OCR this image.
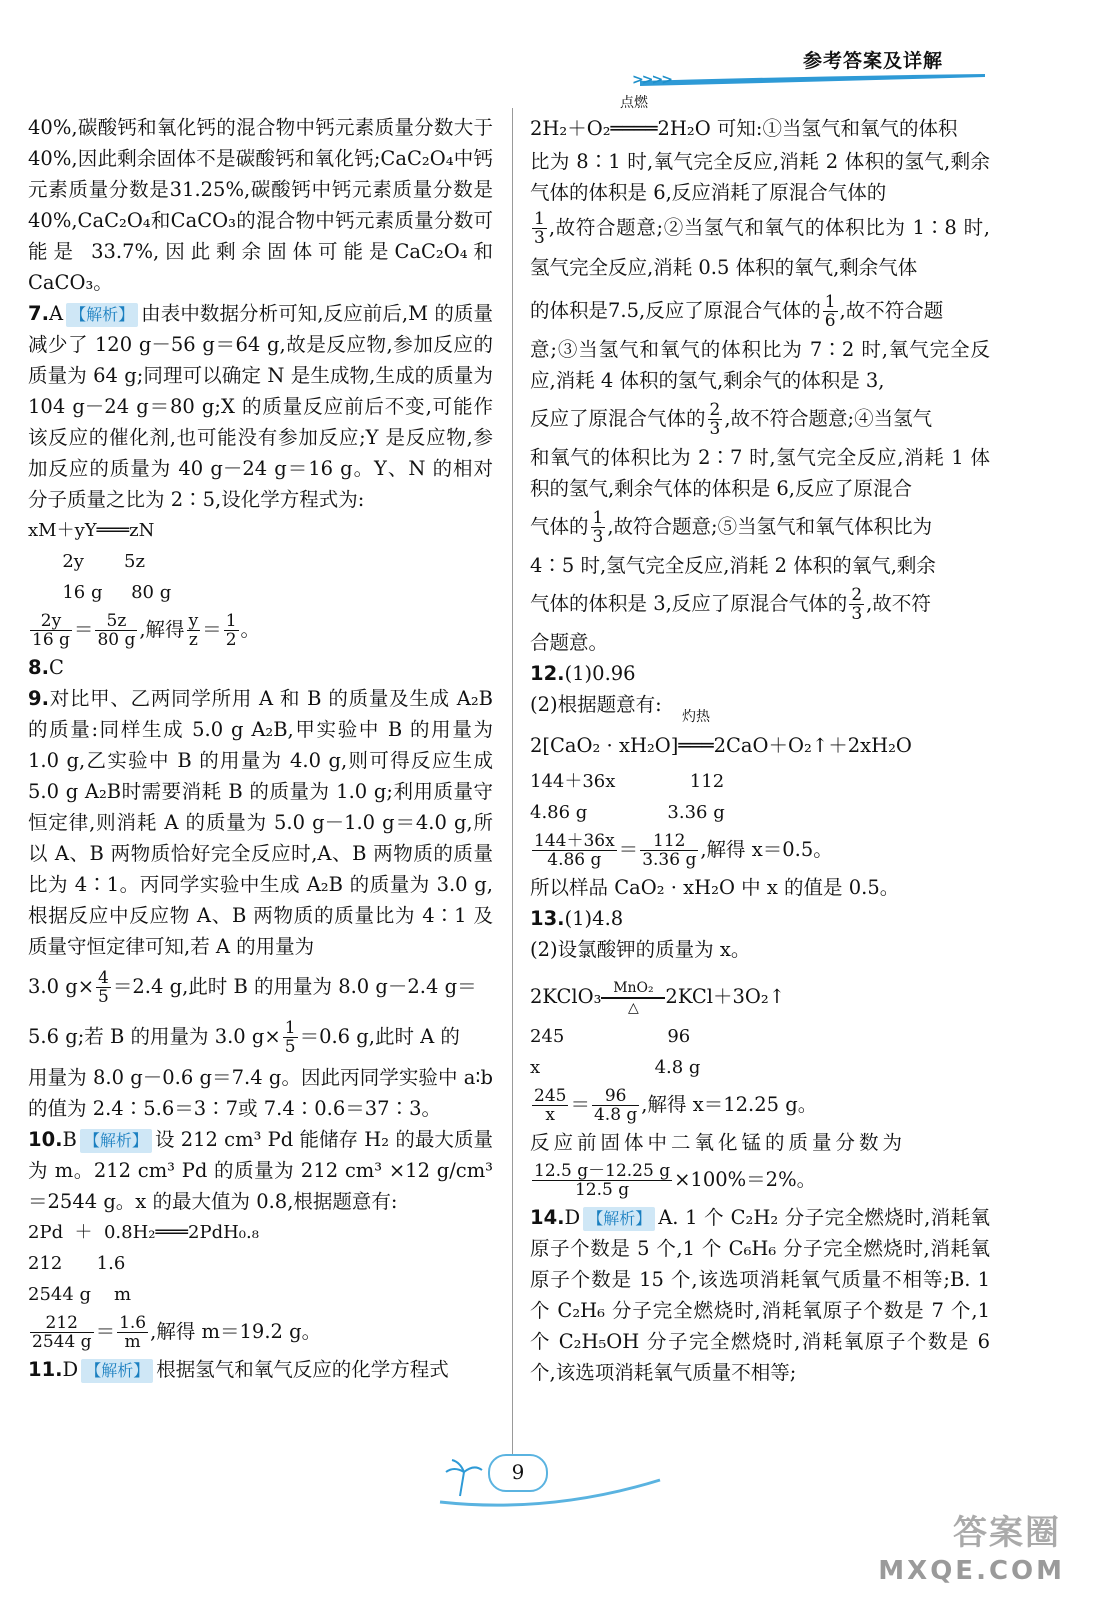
>>>>
参考答案及详解

40%,碳酸钙和氧化钙的混合物中钙元素质量分数大于 40%,因此剩余固体不是碳酸钙和氧化钙;CaC₂O₄中钙元素质量分数是31.25%,碳酸钙中钙元素质量分数是 40%,CaC₂O₄和CaCO₃的混合物中钙元素质量分数可能是 33.7%,因此剩余固体可能是CaC₂O₄和CaCO₃。

7.A 【解析】 由表中数据分析可知,反应前后,M 的质量减少了 120 g－56 g＝64 g,故是反应物,参加反应的质量为 64 g;同理可以确定 N 是生成物,生成的质量为 104 g－24 g＝80 g;X 的质量反应前后不变,可能作该反应的催化剂,也可能没有参加反应;Y 是反应物,参加反应的质量为 40 g－24 g＝16 g。Y、N 的相对分子质量之比为 2∶5,设化学方程式为:

xM＋yY═══zN
2y       5z
16 g     80 g

$\frac{2y}{16 g} = \frac{5z}{80 g}$ ,解得 $\frac{y}{z} = \frac{1}{2}$ 。

8.C

9.对比甲、乙两同学所用 A 和 B 的质量及生成 A₂B 的质量:同样生成 5.0 g A₂B,甲实验中 B 的用量为 1.0 g,乙实验中 B 的用量为 4.0 g,则可得反应生成 5.0 g A₂B时需要消耗 B 的质量为 1.0 g;利用质量守恒定律,则消耗 A 的质量为 5.0 g－1.0 g＝4.0 g,所以 A、B 两物质恰好完全反应时,A、B 两物质的质量比为 4∶1。丙同学实验中生成 A₂B 的质量为 3.0 g,根据反应中反应物 A、B 两物质的质量比为 4∶1 及质量守恒定律可知,若 A 的用量为

3.0 $g\times \frac{4}{5} =2.4$ g,此时 B 的用量为 8.0 g－2.4 g＝

5.6 g;若 B 的用量为 3.0 $g\times \frac{1}{5} =0.6$ g,此时 A 的

用量为 8.0 g－0.6 g＝7.4 g。因此丙同学实验中 a∶b 的值为 2.4∶5.6＝3∶7或 7.4∶0.6＝37∶3。

10.B 【解析】 设 212 cm³ Pd 能储存 H₂ 的最大质量为 m。212 cm³ Pd 的质量为 212 cm³ ×12 g/cm³ ＝2544 g。x 的最大值为 0.8,根据题意有:

2Pd  ＋  0.8H₂═══2PdH₀.₈
212      1.6
2544 g    m

$\frac{212}{2544 g} = \frac{1.6}{m}$ ,解得 m＝19.2 g。

11.D 【解析】 根据氢气和氧气反应的化学方程式

2H₂＋O₂
点燃
════2H₂O 可知:①当氢气和氧气的体积

比为 8∶1 时,氧气完全反应,消耗 2 体积的氢气,剩余气体的体积是 6,反应消耗了原混合气体的

$\frac{1}{3}$ ,故符合题意;②当氢气和氧气的体积比为 1∶8 时,氢气完全反应,消耗 0.5 体积的氧气,剩余气体

的体积是7.5,反应了原混合气体的 $\frac{1}{6}$ ,故不符合题

意;③当氢气和氧气的体积比为 7∶2 时,氧气完全反应,消耗 4 体积的氢气,剩余气的体积是 3,

反应了原混合气体的 $\frac{2}{3}$ ,故不符合题意;④当氢气

和氧气的体积比为 2∶7 时,氢气完全反应,消耗 1 体积的氢气,剩余气体的体积是 6,反应了原混合

气体的 $\frac{1}{3}$ ,故符合题意;⑤当氢气和氧气体积比为

4∶5 时,氢气完全反应,消耗 2 体积的氧气,剩余

气体的体积是 3,反应了原混合气体的 $\frac{2}{3}$ ,故不符

合题意。

12.(1)0.96

(2)根据题意有:

2[CaO₂ · xH₂O]
灼热
═══2CaO＋O₂↑＋2xH₂O

144＋36x             112
4.86 g              3.36 g

$\frac{144+36x}{4.86 g} = \frac{112}{3.36 g}$ ,解得 x＝0.5。

所以样品 CaO₂ · xH₂O 中 x 的值是 0.5。

13.(1)4.8

(2)设氯酸钾的质量为 x。

2KClO₃ MnO₂
△	2KCl＋3O₂↑

245                  96
x                    4.8 g

$\frac{245}{x} = \frac{96}{4.8 g}$ ,解得 x＝12.25 g。

反应前固体中二氧化锰的质量分数为

$\frac{12.5 g-12.25 g}{12.5 g} \times 100\%=2\%$。

14.D 【解析】 A. 1 个 C₂H₂ 分子完全燃烧时,消耗氧原子个数是 5 个,1 个 C₆H₆ 分子完全燃烧时,消耗氧原子个数是 15 个,该选项消耗氧气质量不相等;B. 1 个 C₂H₆ 分子完全燃烧时,消耗氧原子个数是 7 个,1 个 C₂H₅OH 分子完全燃烧时,消耗氧原子个数是 6 个,该选项消耗氧气质量不相等;

9
答案圈
MXQE.COM
